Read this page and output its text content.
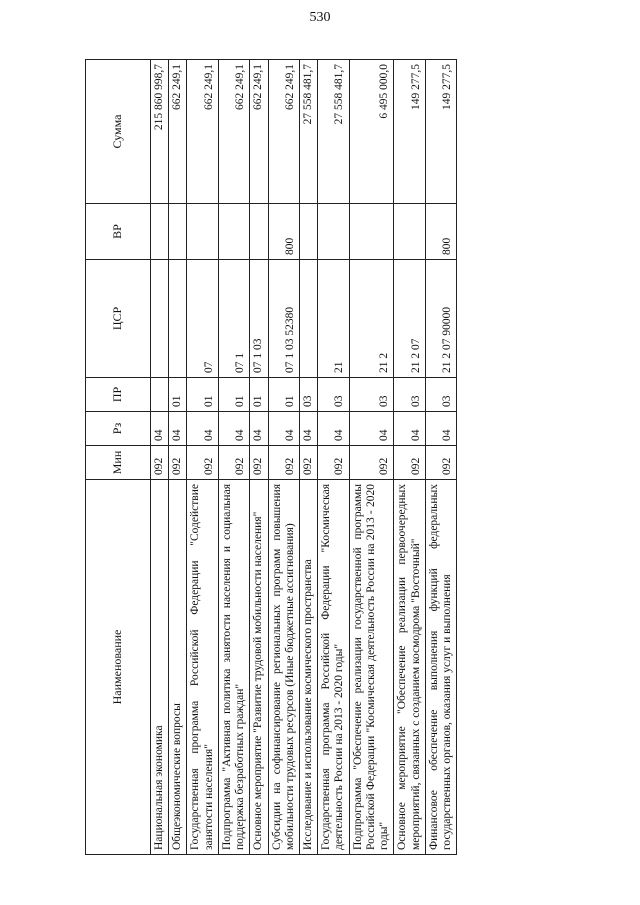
530
Наименование	Мин	Рз	ПР	ЦСР	ВР	Сумма
Национальная экономика	092	04				215 860 998,7
Общеэкономические вопросы	092	04	01			662 249,1
Государственная программа Российской Федерации "Содействие занятости населения"	092	04	01	07		662 249,1
Подпрограмма "Активная политика занятости населения и социальная поддержка безработных граждан"	092	04	01	07 1		662 249,1
Основное мероприятие "Развитие трудовой мобильности населения"	092	04	01	07 1 03		662 249,1
Субсидии на софинансирование региональных программ повышения мобильности трудовых ресурсов (Иные бюджетные ассигнования)	092	04	01	07 1 03 52380	800	662 249,1
Исследование и использование космического пространства	092	04	03			27 558 481,7
Государственная программа Российской Федерации "Космическая деятельность России на 2013 - 2020 годы"	092	04	03	21		27 558 481,7
Подпрограмма "Обеспечение реализации государственной программы Российской Федерации "Космическая деятельность России на 2013 - 2020 годы"	092	04	03	21 2		6 495 000,0
Основное мероприятие "Обеспечение реализации первоочередных мероприятий, связанных с созданием космодрома "Восточный"	092	04	03	21 2 07		149 277,5
Финансовое обеспечение выполнения функций федеральных государственных органов, оказания услуг и выполнения	092	04	03	21 2 07 90000	800	149 277,5
